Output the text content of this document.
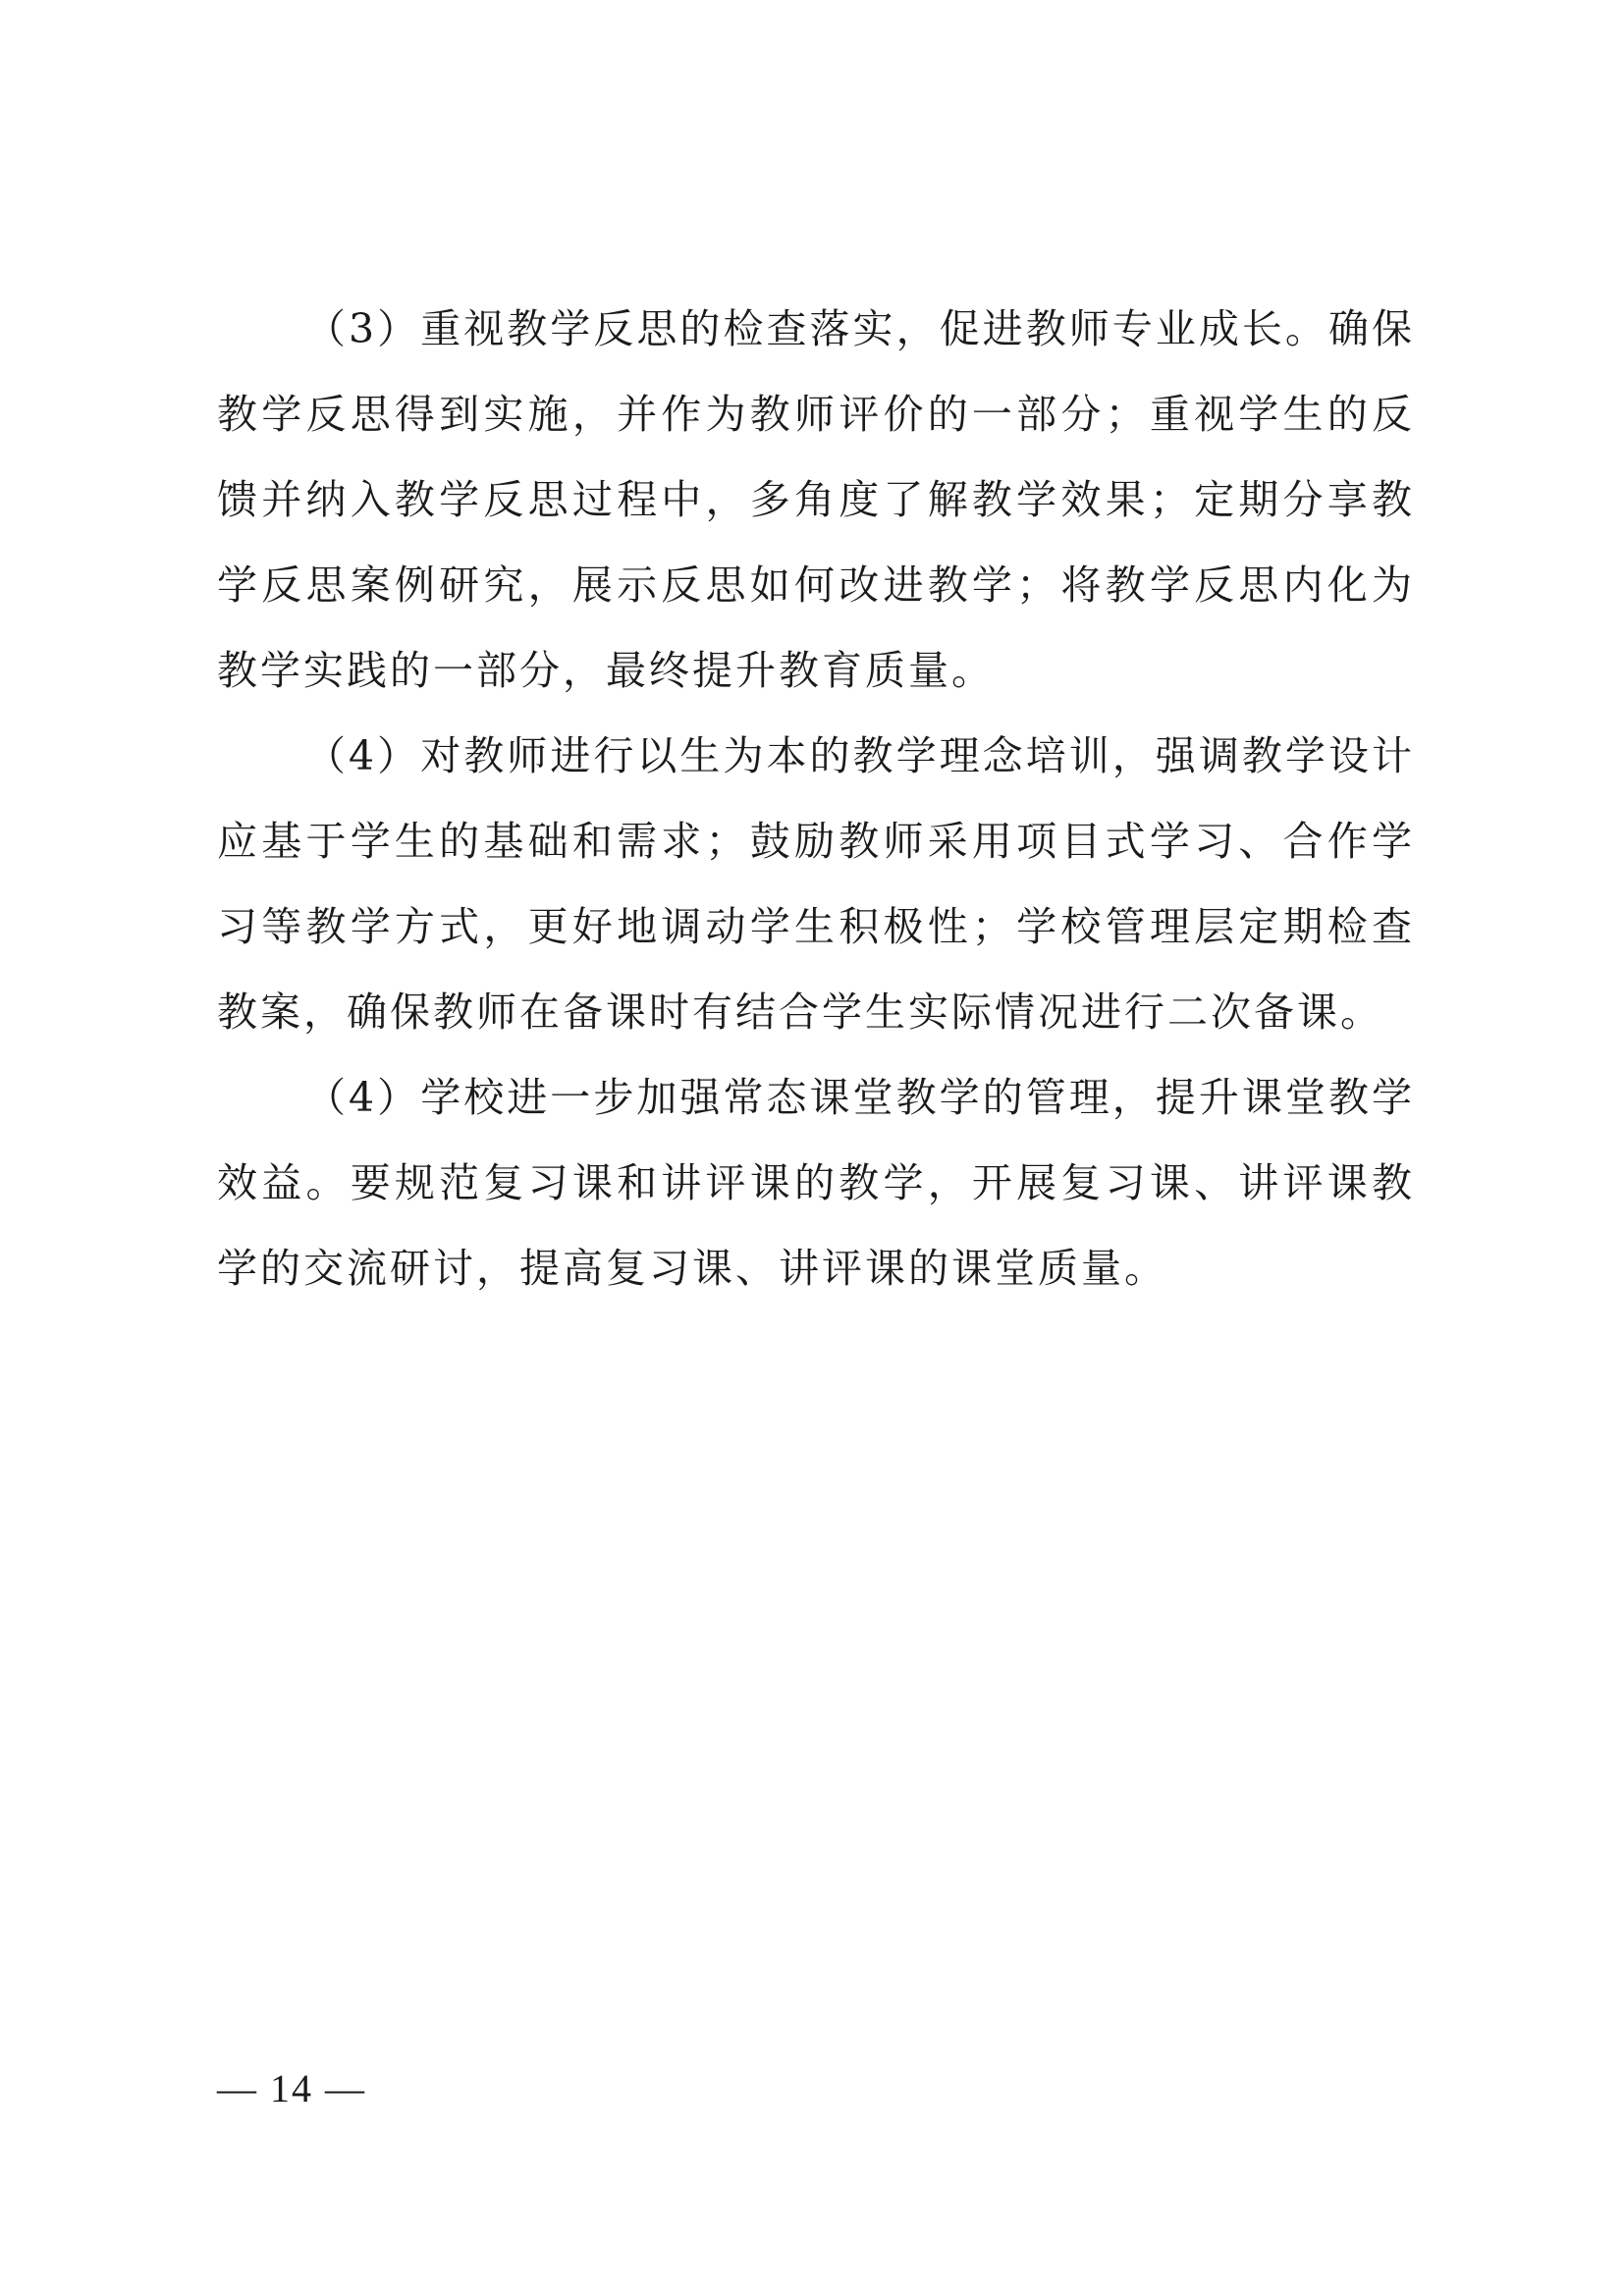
（3）重视教学反思的检查落实，促进教师专业成长。确保教学反思得到实施，并作为教师评价的一部分；重视学生的反馈并纳入教学反思过程中，多角度了解教学效果；定期分享教学反思案例研究，展示反思如何改进教学；将教学反思内化为教学实践的一部分，最终提升教育质量。

（4）对教师进行以生为本的教学理念培训，强调教学设计应基于学生的基础和需求；鼓励教师采用项目式学习、合作学习等教学方式，更好地调动学生积极性；学校管理层定期检查教案，确保教师在备课时有结合学生实际情况进行二次备课。

（4）学校进一步加强常态课堂教学的管理，提升课堂教学效益。要规范复习课和讲评课的教学，开展复习课、讲评课教学的交流研讨，提高复习课、讲评课的课堂质量。

— 14 —
